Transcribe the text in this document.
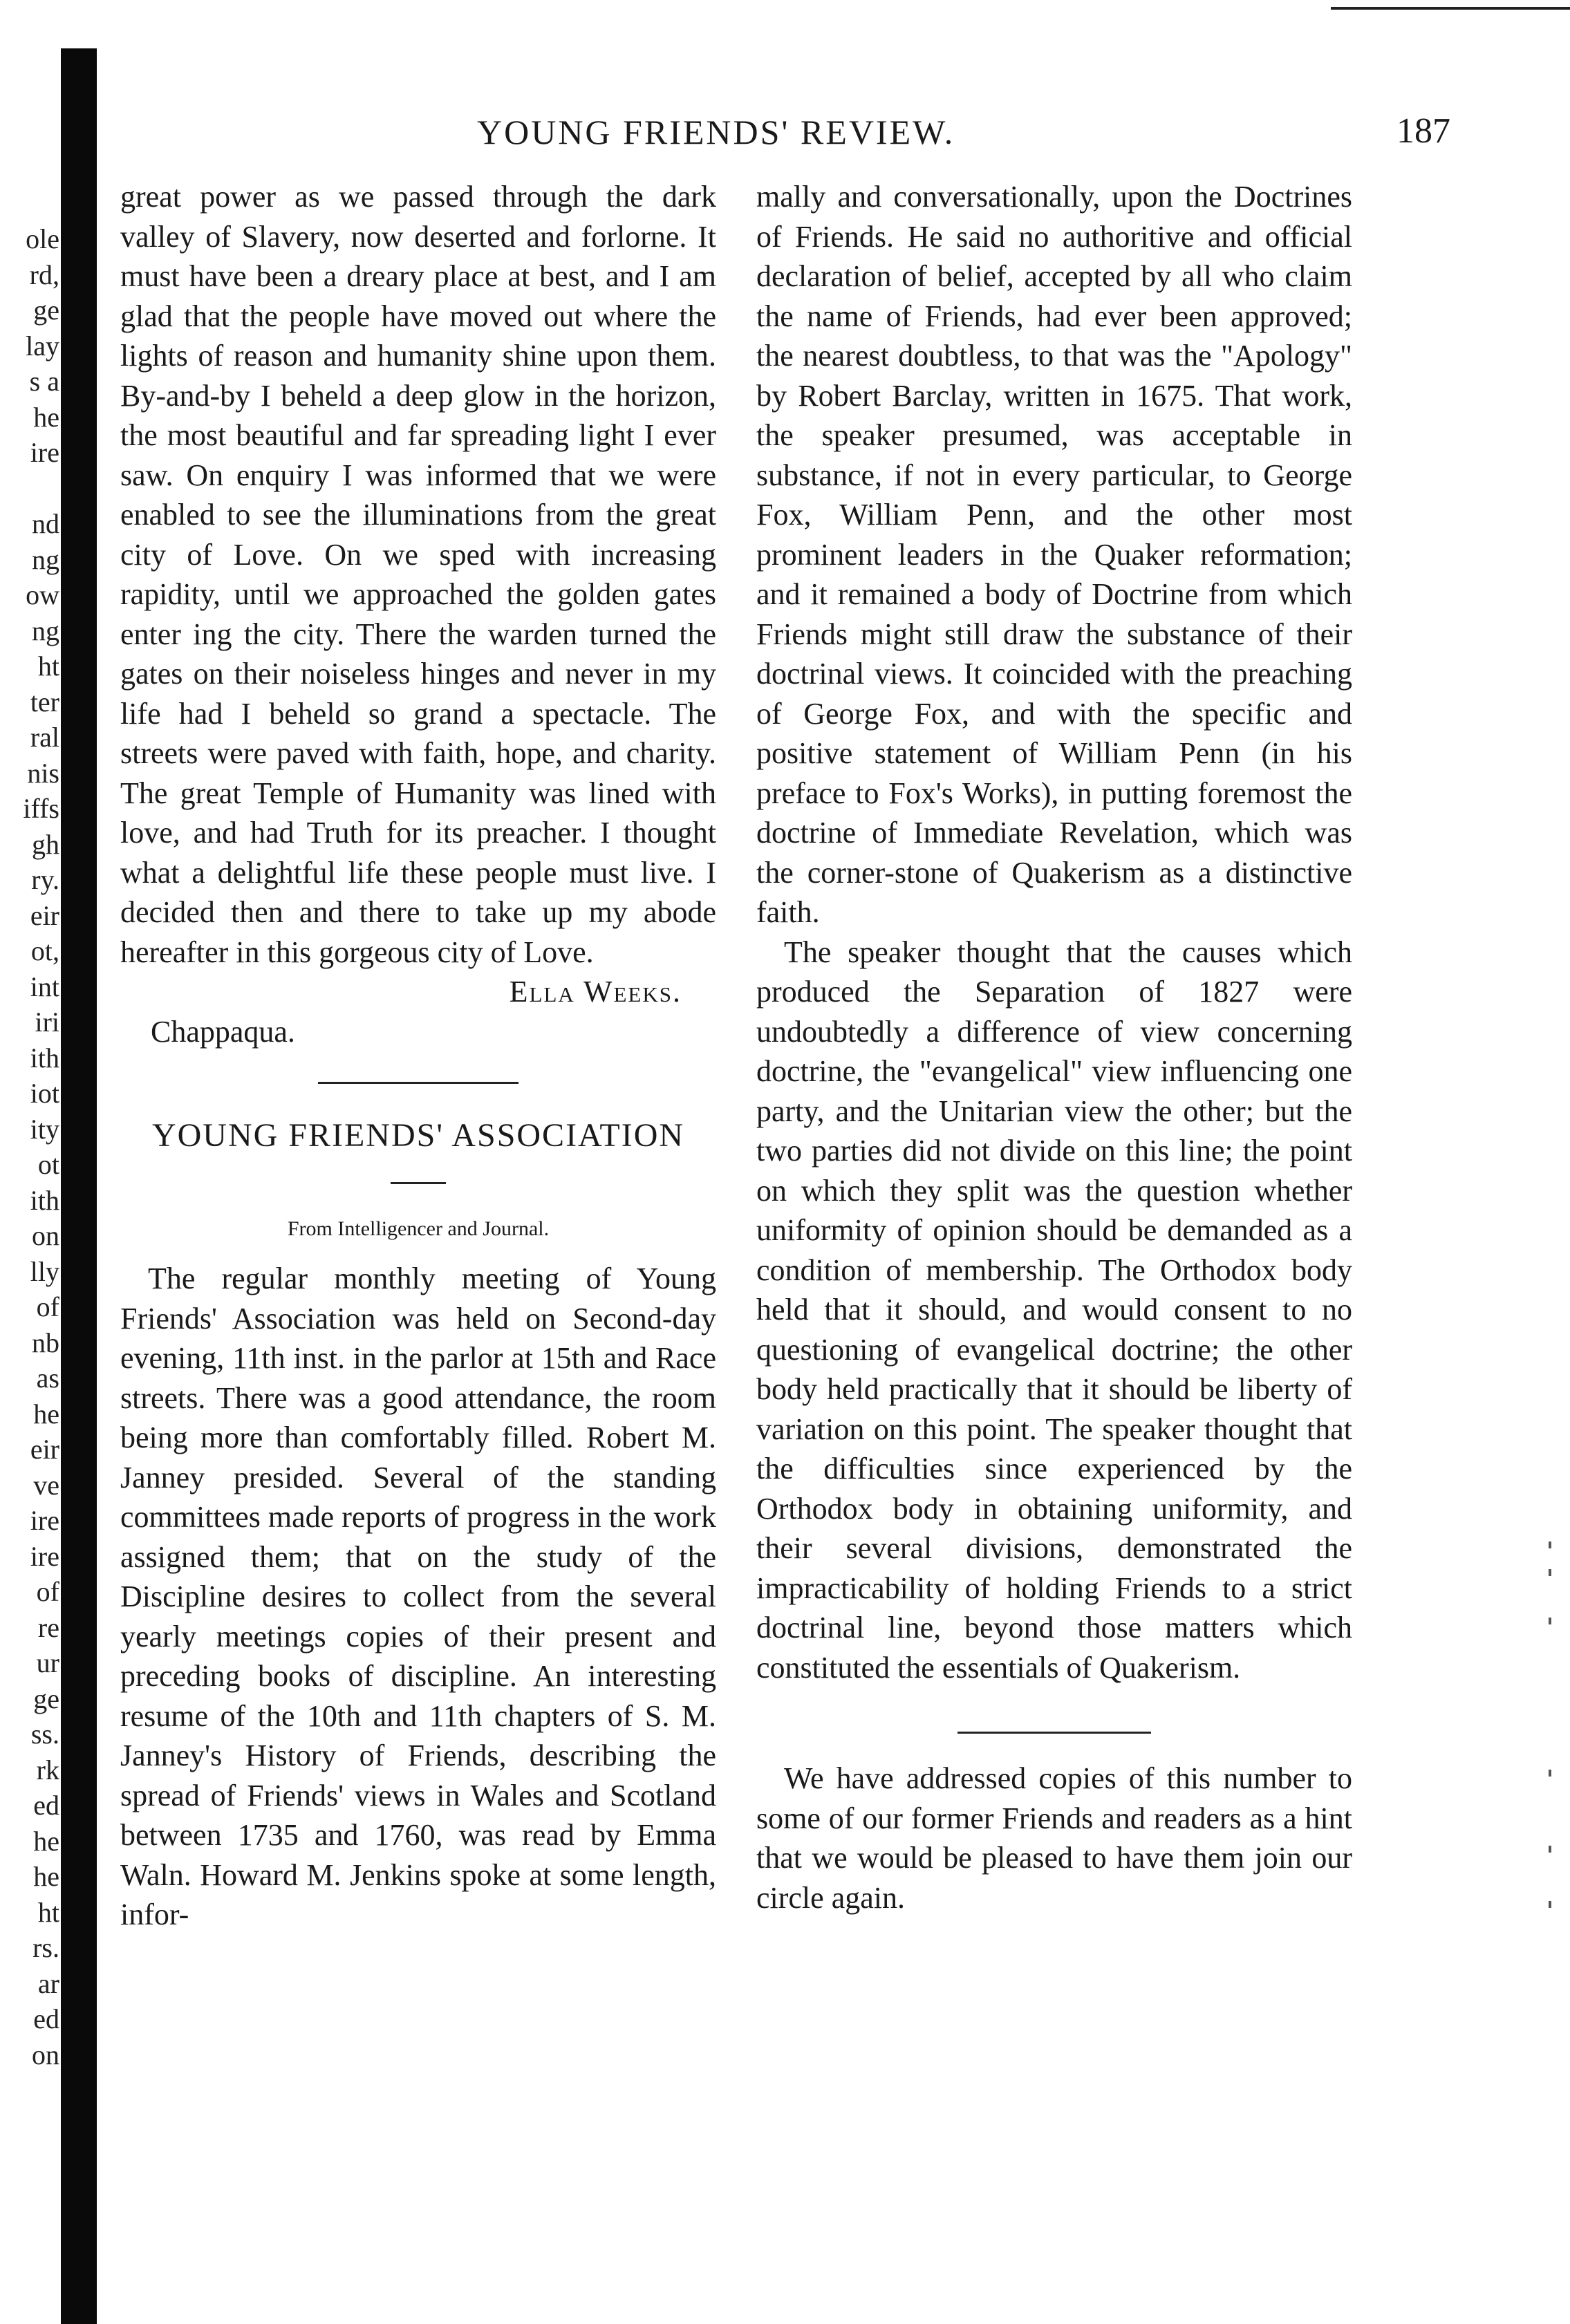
ole
rd,
ge
lay
s a
he
ire
nd
ng
ow
ng
ht
ter
ral
nis
iffs
gh
ry.
eir
ot,
int
iri
ith
iot
ity
ot
ith
on
lly
of
nb
as
he
eir
ve
ire
ire
of
re
ur
ge
ss.
rk
ed
he
he
ht
rs.
ar
ed
on
YOUNG FRIENDS' REVIEW.	187

great power as we passed through the dark valley of Slavery, now deserted and forlorne. It must have been a dreary place at best, and I am glad that the people have moved out where the lights of reason and humanity shine upon them. By-and-by I beheld a deep glow in the horizon, the most beautiful and far spreading light I ever saw. On enquiry I was informed that we were enabled to see the illuminations from the great city of Love. On we sped with increasing rapidity, until we approached the golden gates enter ing the city. There the warden turned the gates on their noiseless hinges and never in my life had I beheld so grand a spectacle. The streets were paved with faith, hope, and charity. The great Temple of Humanity was lined with love, and had Truth for its preacher. I thought what a delightful life these people must live. I decided then and there to take up my abode hereafter in this gorgeous city of Love.

Ella Weeks.

Chappaqua.

YOUNG FRIENDS' ASSOCIATION
From Intelligencer and Journal.

The regular monthly meeting of Young Friends' Association was held on Second-day evening, 11th inst. in the parlor at 15th and Race streets. There was a good attendance, the room being more than comfortably filled. Robert M. Janney presided. Several of the standing committees made reports of progress in the work assigned them; that on the study of the Discipline desires to collect from the several yearly meetings copies of their present and preceding books of discipline. An interesting resume of the 10th and 11th chapters of S. M. Janney's History of Friends, describing the spread of Friends' views in Wales and Scotland between 1735 and 1760, was read by Emma Waln. Howard M. Jenkins spoke at some length, infor-

mally and conversationally, upon the Doctrines of Friends. He said no authoritive and official declaration of belief, accepted by all who claim the name of Friends, had ever been approved; the nearest doubtless, to that was the "Apology" by Robert Barclay, written in 1675. That work, the speaker presumed, was acceptable in substance, if not in every particular, to George Fox, William Penn, and the other most prominent leaders in the Quaker reformation; and it remained a body of Doctrine from which Friends might still draw the substance of their doctrinal views. It coincided with the preaching of George Fox, and with the specific and positive statement of William Penn (in his preface to Fox's Works), in putting foremost the doctrine of Immediate Revelation, which was the corner-stone of Quakerism as a distinctive faith.

The speaker thought that the causes which produced the Separation of 1827 were undoubtedly a difference of view concerning doctrine, the "evangelical" view influencing one party, and the Unitarian view the other; but the two parties did not divide on this line; the point on which they split was the question whether uniformity of opinion should be demanded as a condition of membership. The Orthodox body held that it should, and would consent to no questioning of evangelical doctrine; the other body held practically that it should be liberty of variation on this point. The speaker thought that the difficulties since experienced by the Orthodox body in obtaining uniformity, and their several divisions, demonstrated the impracticability of holding Friends to a strict doctrinal line, beyond those matters which constituted the essentials of Quakerism.

We have addressed copies of this number to some of our former Friends and readers as a hint that we would be pleased to have them join our circle again.
